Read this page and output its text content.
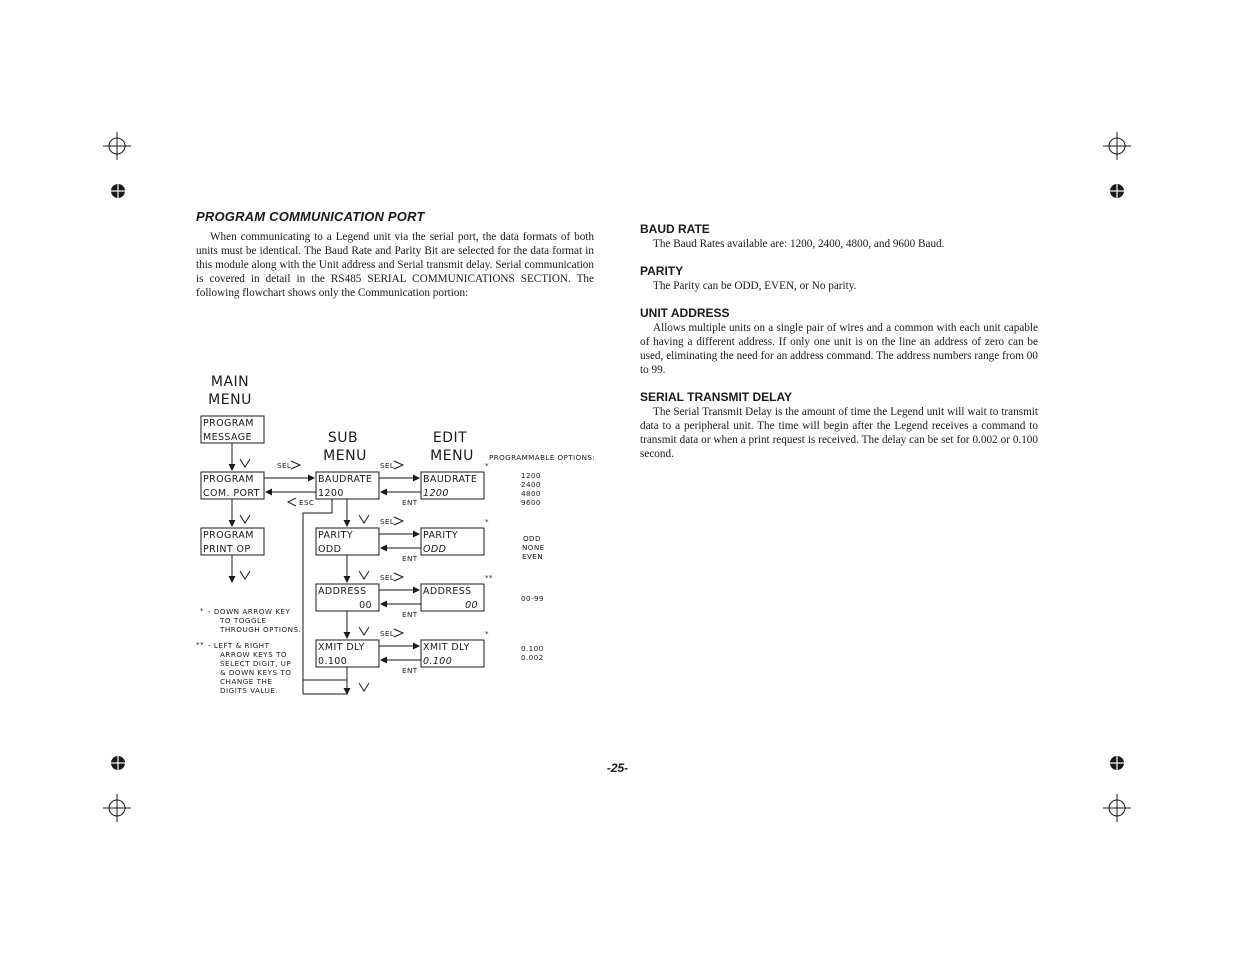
PROGRAM COMMUNICATION PORT

When communicating to a Legend unit via the serial port, the data formats of both units must be identical. The Baud Rate and Parity Bit are selected for the data format in this module along with the Unit address and Serial transmit delay. Serial communication is covered in detail in the RS485 SERIAL COMMUNICATIONS SECTION. The following flowchart shows only the Communication portion:

BAUD RATE

The Baud Rates available are: 1200, 2400, 4800, and 9600 Baud.

PARITY

The Parity can be ODD, EVEN, or No parity.

UNIT ADDRESS

Allows multiple units on a single pair of wires and a common with each unit capable of having a different address. If only one unit is on the line an address of zero can be used, eliminating the need for an address command. The address numbers range from 00 to 99.

SERIAL TRANSMIT DELAY

The Serial Transmit Delay is the amount of time the Legend unit will wait to transmit data to a peripheral unit. The time will begin after the Legend receives a command to transmit data or when a print request is received. The delay can be set for 0.002 or 0.100 second.

MAIN
MENU
SUB
MENU
EDIT
MENU PROGRAMMABLE OPTIONS:
PROGRAM
MESSAGE
PROGRAM
COM. PORT
PROGRAM
PRINT OP
SEL
ESC
BAUDRATE
1200
PARITY
ODD
ADDRESS
00
XMIT DLY
0.100
BAUDRATE
1200
PARITY
ODD
ADDRESS
00
XMIT DLY
0.100
SEL
ENT
SEL
ENT
SEL
ENT
SEL
ENT
*
*
**
*
1200
2400
4800
9600
ODD
NONE
EVEN
00-99
0.100
0.002
* - DOWN ARROW KEY
TO TOGGLE
THROUGH OPTIONS.
** - LEFT & RIGHT
ARROW KEYS TO
SELECT DIGIT, UP
& DOWN KEYS TO
CHANGE THE
DIGITS VALUE.
-25-
